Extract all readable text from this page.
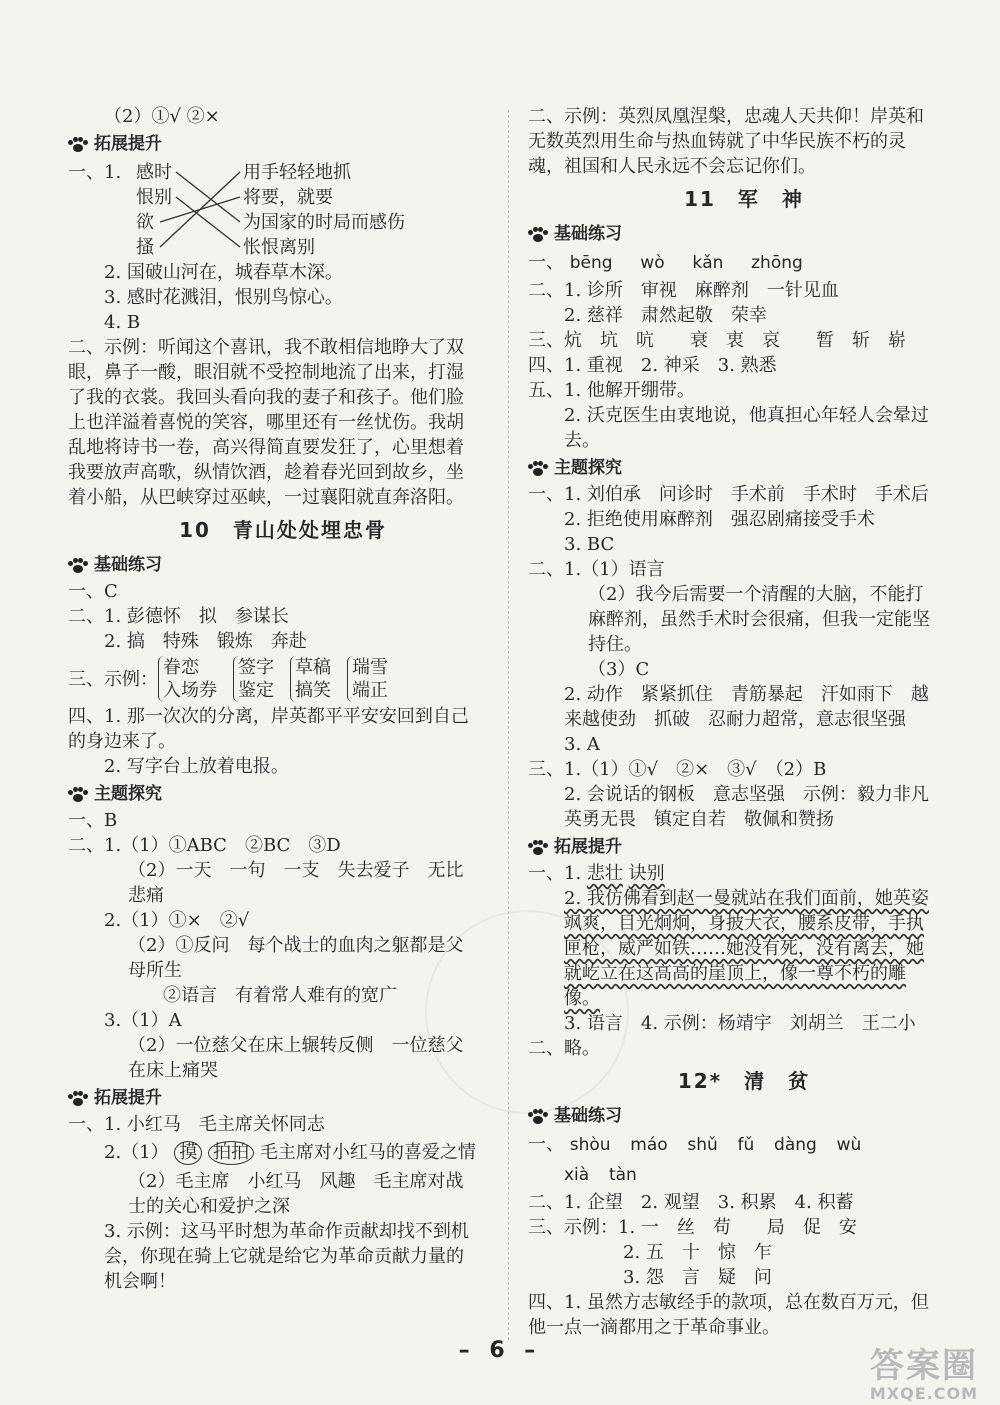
（2）①√ ②×
拓展提升
一、1. 感时
恨别
欲
搔
用手轻轻地抓
将要，就要
为国家的时局而感伤
怅恨离别
2. 国破山河在，城春草木深。
3. 感时花溅泪，恨别鸟惊心。
4. B
二、示例：听闻这个喜讯，我不敢相信地睁大了双眼，鼻子一酸，眼泪就不受控制地流了出来，打湿了我的衣裳。我回头看向我的妻子和孩子。他们脸上也洋溢着喜悦的笑容，哪里还有一丝忧伤。我胡乱地将诗书一卷，高兴得简直要发狂了，心里想着我要放声高歌，纵情饮酒，趁着春光回到故乡，坐着小船，从巴峡穿过巫峡，一过襄阳就直奔洛阳。
10　青山处处埋忠骨
基础练习
一、C
二、1. 彭德怀　拟　参谋长
2. 搞　特殊　锻炼　奔赴
三、示例：
眷恋
入场券
签字
鉴定
草稿
搞笑
瑞雪
端正
四、1. 那一次次的分离，岸英都平平安安回到自己的身边来了。
2. 写字台上放着电报。
主题探究
一、B
二、1.（1）①ABC　②BC　③D
（2）一天　一句　一支　失去爱子　无比悲痛
2.（1）①×　②√
（2）①反问　每个战士的血肉之躯都是父母所生
②语言　有着常人难有的宽广
3.（1）A
（2）一位慈父在床上辗转反侧　一位慈父在床上痛哭
拓展提升
一、1. 小红马　毛主席关怀同志
2.（1） 摸 拍拍 毛主席对小红马的喜爱之情
（2）毛主席　小红马　风趣　毛主席对战士的关心和爱护之深
3. 示例：这马平时想为革命作贡献却找不到机会，你现在骑上它就是给它为革命贡献力量的机会啊！
二、示例：英烈凤凰涅槃，忠魂人天共仰！岸英和无数英烈用生命与热血铸就了中华民族不朽的灵魂，祖国和人民永远不会忘记你们。
11　军　神
基础练习
一、 bēng wò kǎn zhōng
二、1. 诊所　审视　麻醉剂　一针见血
2. 慈祥　肃然起敬　荣幸
三、炕　坑　吭　　衰　衷　哀　　暂　斩　崭
四、1. 重视　2. 神采　3. 熟悉
五、1. 他解开绷带。
2. 沃克医生由衷地说，他真担心年轻人会晕过去。
主题探究
一、1. 刘伯承　问诊时　手术前　手术时　手术后
2. 拒绝使用麻醉剂　强忍剧痛接受手术
3. BC
二、1.（1）语言
（2）我今后需要一个清醒的大脑，不能打麻醉剂，虽然手术时会很痛，但我一定能坚持住。
（3）C
2. 动作　紧紧抓住　青筋暴起　汗如雨下　越来越使劲　抓破　忍耐力超常，意志很坚强
3. A
三、1.（1）①√　②×　③√　（2）B
2. 会说话的钢板　意志坚强　示例：毅力非凡　英勇无畏　镇定自若　敬佩和赞扬
拓展提升
一、1. 悲壮 诀别
2. 我仿佛看到赵一曼就站在我们面前，她英姿飒爽，目光炯炯，身披大衣，腰系皮带，手执匣枪，威严如铁……她没有死，没有离去，她就屹立在这高高的崖顶上，像一尊不朽的雕像。
3. 语言　4. 示例：杨靖宇　刘胡兰　王二小
二、略。
12*　清　贫
基础练习
一、 shòu máo shǔ fǔ dàng wù
xià tàn
二、1. 企望　2. 观望　3. 积累　4. 积蓄
三、示例：1. 一　丝　苟　　局　促　安
2. 五　十　惊　乍
3. 怨　言　疑　问
四、1. 虽然方志敏经手的款项，总在数百万元，但他一点一滴都用之于革命事业。
– 6 –	答案圈
MXQE.COM
